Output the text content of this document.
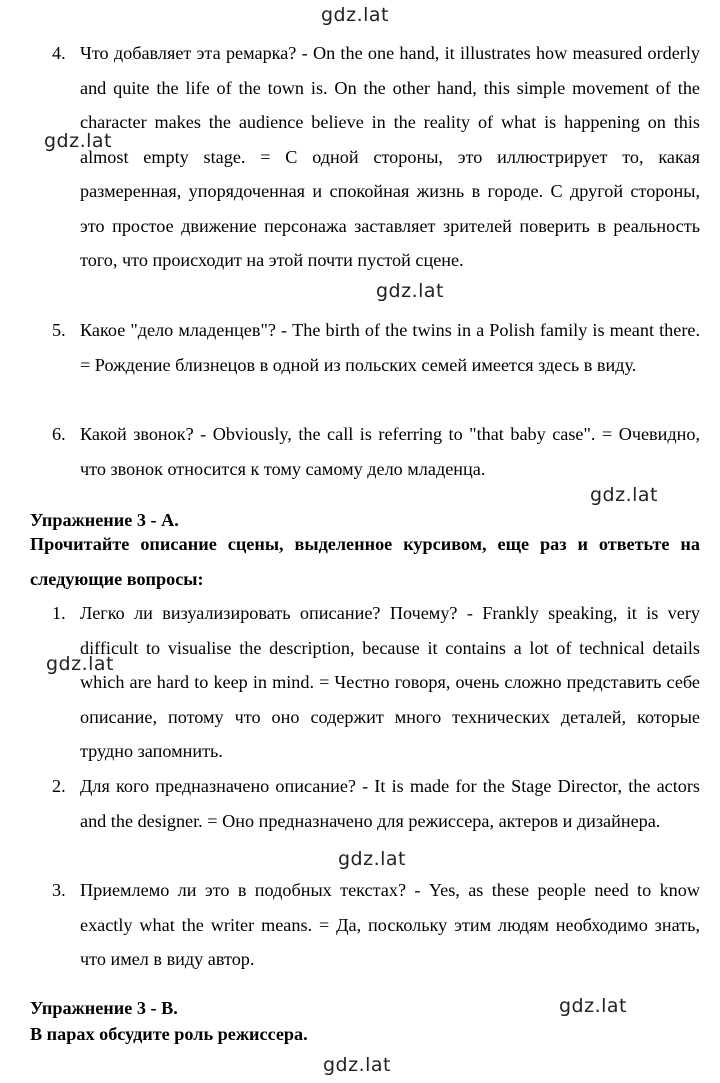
gdz.lat
gdz.lat
gdz.lat
gdz.lat
gdz.lat
gdz.lat
gdz.lat
gdz.lat
4. Что добавляет эта ремарка? - On the one hand, it illustrates how measured orderly and quite the life of the town is. On the other hand, this simple movement of the character makes the audience believe in the reality of what is happening on this almost empty stage. = С одной стороны, это иллюстрирует то, какая размеренная, упорядоченная и спокойная жизнь в городе. С другой стороны, это простое движение персонажа заставляет зрителей поверить в реальность того, что происходит на этой почти пустой сцене.
5. Какое "дело младенцев"? - The birth of the twins in a Polish family is meant there. = Рождение близнецов в одной из польских семей имеется здесь в виду.
6. Какой звонок? - Obviously, the call is referring to "that baby case". = Очевидно, что звонок относится к тому самому дело младенца.
Упражнение 3 - A.
Прочитайте описание сцены, выделенное курсивом, еще раз и ответьте на следующие вопросы:
1. Легко ли визуализировать описание? Почему? - Frankly speaking, it is very difficult to visualise the description, because it contains a lot of technical details which are hard to keep in mind. = Честно говоря, очень сложно представить себе описание, потому что оно содержит много технических деталей, которые трудно запомнить.
2. Для кого предназначено описание? - It is made for the Stage Director, the actors and the designer. = Оно предназначено для режиссера, актеров и дизайнера.
3. Приемлемо ли это в подобных текстах? - Yes, as these people need to know exactly what the writer means. = Да, поскольку этим людям необходимо знать, что имел в виду автор.
Упражнение 3 - B.
В парах обсудите роль режиссера.
